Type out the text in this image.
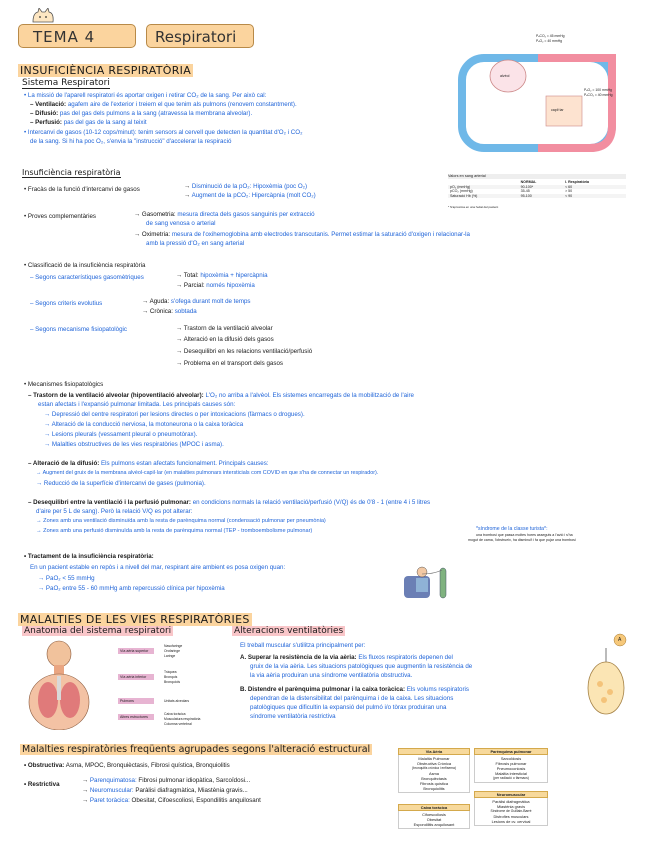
TEMA 4	Respiratori
INSUFICIÈNCIA RESPIRATÒRIA
Sistema Respiratori
• La missió de l'aparell respiratori és aportar oxigen i retirar CO₂ de la sang. Per això cal:
– Ventilació: agafem aire de l'exterior i treiem el que tenim als pulmons (renovem constantment).
– Difusió: pas del gas dels pulmons a la sang (atravessa la membrana alveolar).
– Perfusió: pas del gas de la sang al teixit
• Intercanvi de gasos (10-12 cops/minut): tenim sensors al cervell que detecten la quantitat d'O₂ i CO₂
de la sang. Si hi ha poc O₂, s'envia la "instrucció" d'accelerar la respiració
PₐCO₂ = 45 mmHg
PₐO₂ = 40 mmHg
alvèol
capil·lar
PₐO₂ = 100 mmHg
PₐCO₂ = 40 mmHg
Insuficiència respiratòria
• Fracàs de la funció d'intercanvi de gasos	→ Disminució de la pO₂: Hipoxèmia (poc O₂)
→ Augment de la pCO₂: Hipercàpnia (molt CO₂)
• Proves complementàries	→ Gasometria: mesura directa dels gasos sanguinis per extracció
de sang venosa o arterial
→ Oximetria: mesura de l'oxihemoglobina amb electrodes transcutanis. Permet estimar la saturació d'oxigen i relacionar-la
amb la pressió d'O₂ en sang arterial
Valors en sang arterial
	NORMAL	I. Respiratòria
pO₂ (mmHg)	90-100*	< 60
pCO₂ (mmHg)	35-45	> 50
Saturació Hb (%)	95-100	< 90
* S'aproxima en una l'edat del pacient
• Classificació de la insuficiència respiratòria
– Segons característiques gasomètriques	→ Total: hipoxèmia + hipercàpnia
→ Parcial: només hipoxèmia
– Segons criteris evolutius	→ Aguda: s'ofega durant molt de temps
→ Crònica: sobtada
– Segons mecanisme fisiopatològic	→ Trastorn de la ventilació alveolar
→ Alteració en la difusió dels gasos
→ Desequilibri en les relacions ventilació/perfusió
→ Problema en el transport dels gasos
• Mecanismes fisiopatològics
– Trastorn de la ventilació alveolar (hipoventilació alveolar): L'O₂ no arriba a l'alvèol. Els sistemes encarregats de la mobilització de l'aire
estan afectats i l'expansió pulmonar limitada. Les principals causes són:
→ Depressió del centre respiratori per lesions directes o per intoxicacions (fàrmacs o drogues).
→ Alteració de la conducció nerviosa, la motoneurona o la caixa toràcica
→ Lesions pleurals (vessament pleural o pneumotòrax).
→ Malalties obstructives de les vies respiratòries (MPOC i asma).
– Alteració de la difusió: Els pulmons estan afectats funcionalment. Principals causes:
→ Augment del gruix de la membrana alvèol-capil·lar (en malalties pulmonars intersticials com COVID en que s'ha de connectar un respirador).
→ Reducció de la superfície d'intercanvi de gases (pulmonia).
– Desequilibri entre la ventilació i la perfusió pulmonar: en condicions normals la relació ventilació/perfusió (V/Q) és de 0'8 - 1 (entre 4 i 5 litres
d'aire per 5 L de sang). Però la relació V/Q es pot alterar:
→ Zones amb una ventilació disminuïda amb la resta de parènquima normal (condensació pulmonar per pneumònia)
→ Zones amb una perfusió disminuïda amb la resta de parènquima normal (TEP - tromboembolisme pulmonar)	*síndrome de la classe turista*:
una trombosi que passa moltes hores asseguts a l'avió i s'ha
mogut de cama, l'obstrueix, ha disminuït i fa que pujar una trombosi
• Tractament de la insuficiència respiratòria:
En un pacient estable en repòs i a nivell del mar, respirant aire ambient es posa oxigen quan:
→ PaO₂ < 55 mmHg
→ PaO₂ entre 55 - 60 mmHg amb repercussió clínica per hipoxèmia
MALALTIES DE LES VIES RESPIRATÒRIES
Anatomia del sistema respiratori
Vía aèria superior
Vía aèria inferior
Pulmons
Altres estructures
Nasofaringe
Orofaringe
Laringe
Tràquea
Bronquis
Bronquiols
Unitats alveolars
Caixa toràcica
Musculatura respiratòria
Columna vertebral
Alteracions ventilatòries
El treball muscular s'utilitza principalment per:
A. Superar la resistència de la via aèria: Els fluxos respiratoris depenen del
gruix de la via aèria. Les situacions patològiques que augmentin la resistència de
la via aèria produiran una síndrome ventilatòria obstructiva.
B. Distendre el parènquima pulmonar i la caixa toràcica: Els volums respiratoris
dependran de la distensibilitat del parènquima i de la caixa. Les situacions
patològiques que dificultin la expansió del pulmó i/o tòrax produiran una
síndrome ventilatòria restrictiva
A
Malalties respiratòries freqüents agrupades segons l'alteració estructural
• Obstructiva: Asma, MPOC, Bronquièctasis, Fibrosi quística, Bronquiolitis
• Restrictiva
→ Parenquimatosa: Fibrosi pulmonar idiopàtica, Sarcoïdosi...
→ Neuromuscular: Paràlisi diafragmàtica, Miastènia gravis...
→ Paret toràcica: Obesitat, Cifoescoliosi, Espondilitis anquilosant
Via Aèria
Malaltia Pulmonar
Obstructiva Crònica
(bronquitis crònica i enfisema)
Asma
Bronquièctasis
Fibrosis quística
Bronquiolitis
Caixa toràcica
Cifoescoliosis
Obesitat
Espondilitis anquilosant
Parènquima pulmonar
Sarcoïdosis
Fibrosis pulmonar
Pneumoconiosis
Malaltia intersticial
(per radiació o fàrmacs)
Neuromuscular
Paràlisi diafragmàtica
Miastènia gravis
Síndrome de Guillain-Barré
Distrofies musculars
Lesions de cv. cervical
